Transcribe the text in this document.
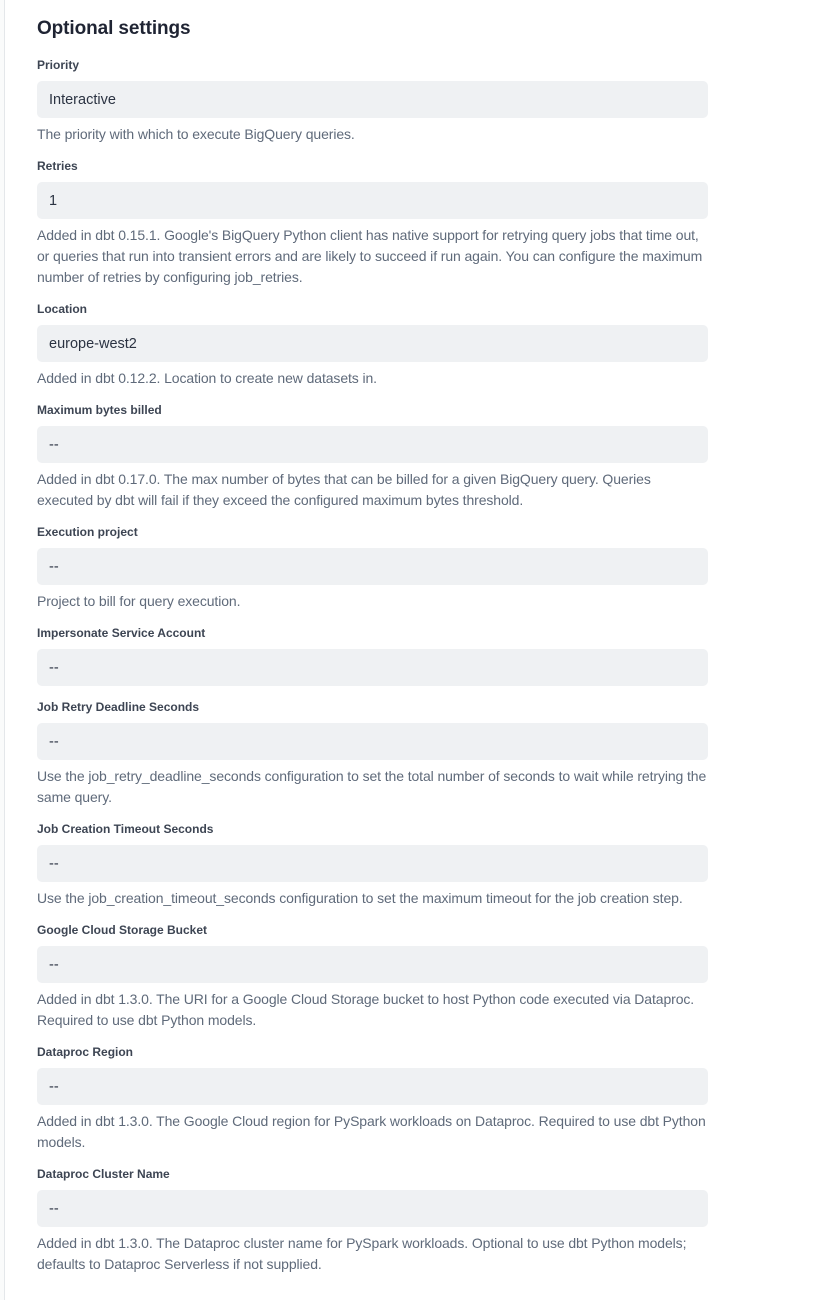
Optional settings
Priority
Interactive
The priority with which to execute BigQuery queries.
Retries
1
Added in dbt 0.15.1. Google's BigQuery Python client has native support for retrying query jobs that time out, or queries that run into transient errors and are likely to succeed if run again. You can configure the maximum number of retries by configuring job_retries.
Location
europe-west2
Added in dbt 0.12.2. Location to create new datasets in.
Maximum bytes billed
--
Added in dbt 0.17.0. The max number of bytes that can be billed for a given BigQuery query. Queries executed by dbt will fail if they exceed the configured maximum bytes threshold.
Execution project
--
Project to bill for query execution.
Impersonate Service Account
--
Job Retry Deadline Seconds
--
Use the job_retry_deadline_seconds configuration to set the total number of seconds to wait while retrying the same query.
Job Creation Timeout Seconds
--
Use the job_creation_timeout_seconds configuration to set the maximum timeout for the job creation step.
Google Cloud Storage Bucket
--
Added in dbt 1.3.0. The URI for a Google Cloud Storage bucket to host Python code executed via Dataproc. Required to use dbt Python models.
Dataproc Region
--
Added in dbt 1.3.0. The Google Cloud region for PySpark workloads on Dataproc. Required to use dbt Python models.
Dataproc Cluster Name
--
Added in dbt 1.3.0. The Dataproc cluster name for PySpark workloads. Optional to use dbt Python models; defaults to Dataproc Serverless if not supplied.
